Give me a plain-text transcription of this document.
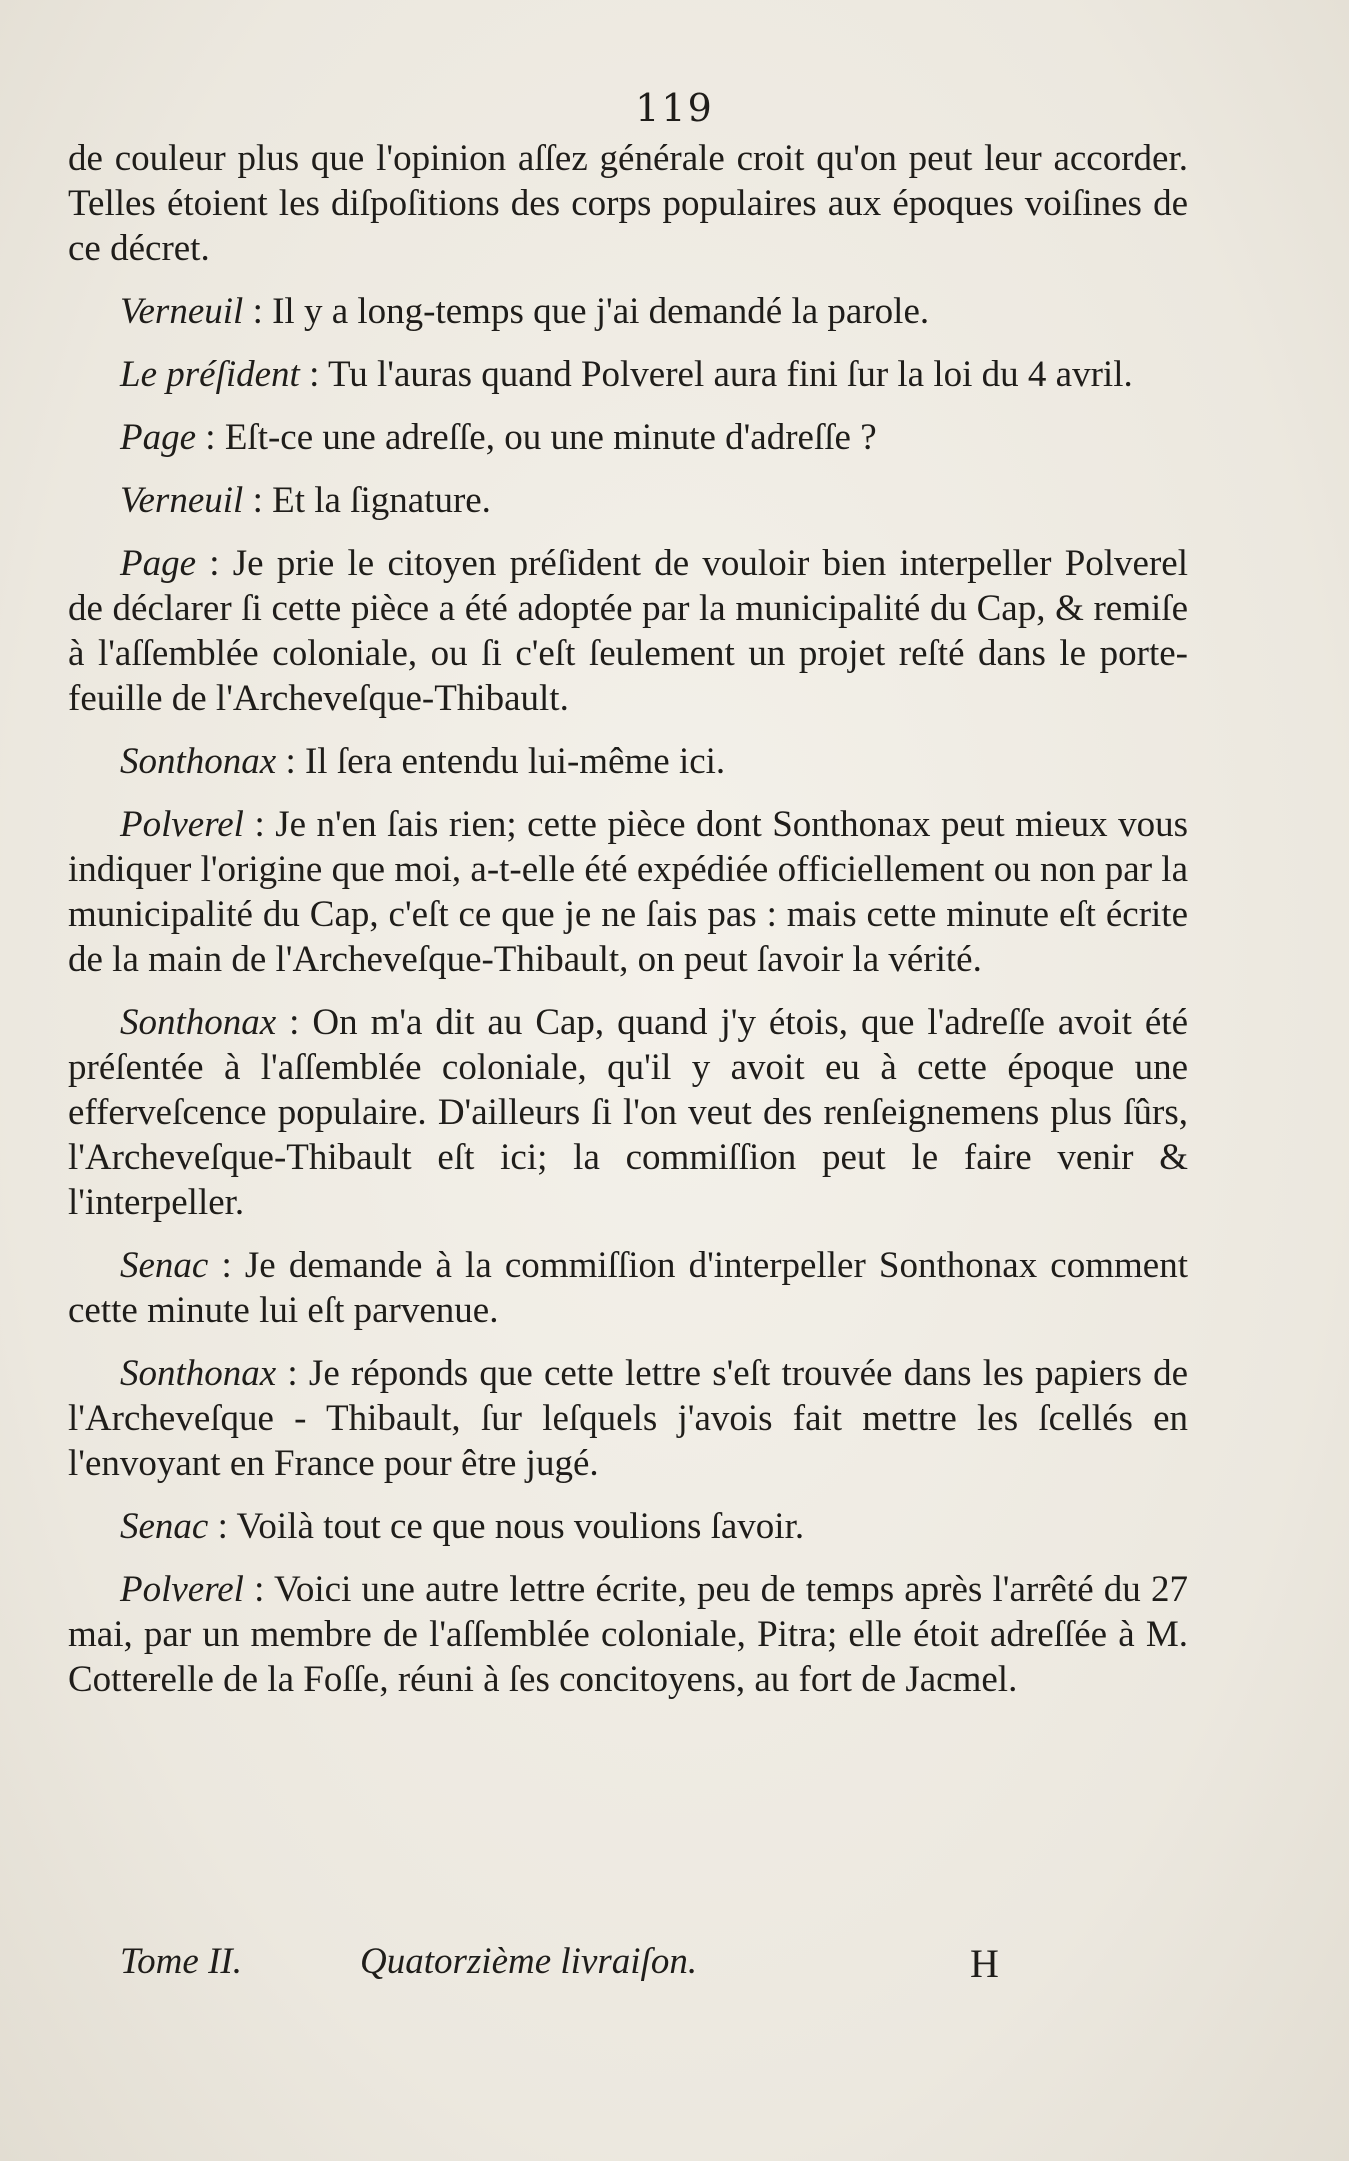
119

de couleur plus que l'opinion aſſez générale croit qu'on peut leur accorder. Telles étoient les diſpoſitions des corps populaires aux époques voiſines de ce décret.

Verneuil : Il y a long-temps que j'ai demandé la parole.

Le préſident : Tu l'auras quand Polverel aura fini ſur la loi du 4 avril.

Page : Eſt-ce une adreſſe, ou une minute d'adreſſe ?

Verneuil : Et la ſignature.

Page : Je prie le citoyen préſident de vouloir bien interpeller Polverel de déclarer ſi cette pièce a été adoptée par la municipalité du Cap, & remiſe à l'aſſemblée coloniale, ou ſi c'eſt ſeulement un projet reſté dans le porte-feuille de l'Archeveſque-Thibault.

Sonthonax : Il ſera entendu lui-même ici.

Polverel : Je n'en ſais rien; cette pièce dont Sonthonax peut mieux vous indiquer l'origine que moi, a-t-elle été expédiée officiellement ou non par la municipalité du Cap, c'eſt ce que je ne ſais pas : mais cette minute eſt écrite de la main de l'Archeveſque-Thibault, on peut ſavoir la vérité.

Sonthonax : On m'a dit au Cap, quand j'y étois, que l'adreſſe avoit été préſentée à l'aſſemblée coloniale, qu'il y avoit eu à cette époque une efferveſcence populaire. D'ailleurs ſi l'on veut des renſeignemens plus ſûrs, l'Archeveſque-Thibault eſt ici; la commiſſion peut le faire venir & l'interpeller.

Senac : Je demande à la commiſſion d'interpeller Sonthonax comment cette minute lui eſt parvenue.

Sonthonax : Je réponds que cette lettre s'eſt trouvée dans les papiers de l'Archeveſque - Thibault, ſur leſquels j'avois fait mettre les ſcellés en l'envoyant en France pour être jugé.

Senac : Voilà tout ce que nous voulions ſavoir.

Polverel : Voici une autre lettre écrite, peu de temps après l'arrêté du 27 mai, par un membre de l'aſſemblée coloniale, Pitra; elle étoit adreſſée à M. Cotterelle de la Foſſe, réuni à ſes concitoyens, au fort de Jacmel.

Tome II.	Quatorzième livraiſon.	H
